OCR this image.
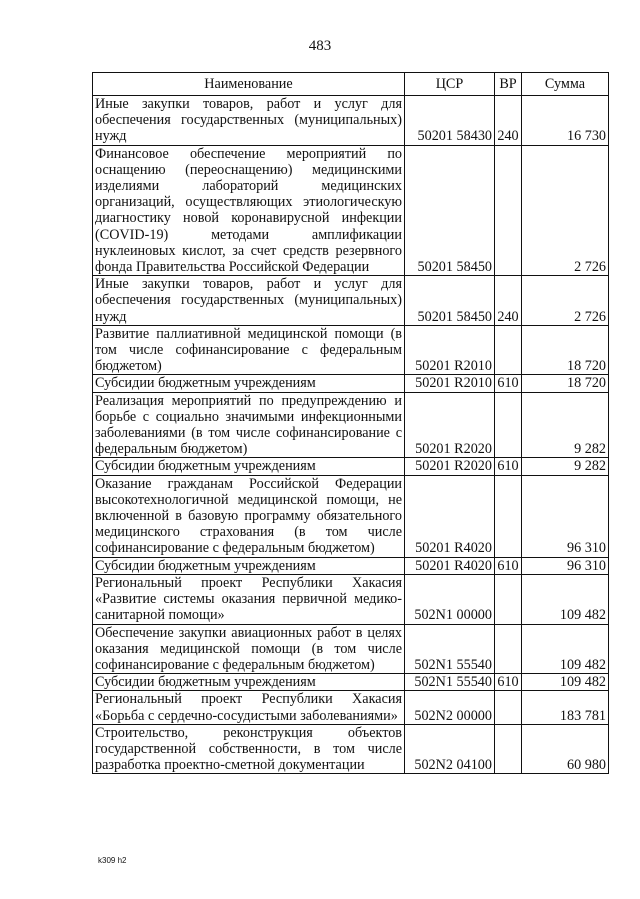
483
Наименование	ЦСР	ВР	Сумма
Иные закупки товаров, работ и услуг для обеспечения государственных (муниципальных) нужд	50201 58430	240	16 730
Финансовое обеспечение мероприятий по оснащению (переоснащению) медицинскими изделиями лабораторий медицинских организаций, осуществляющих этиологическую диагностику новой коронавирусной инфекции (COVID-19) методами амплификации нуклеиновых кислот, за счет средств резервного фонда Правительства Российской Федерации	50201 58450		2 726
Иные закупки товаров, работ и услуг для обеспечения государственных (муниципальных) нужд	50201 58450	240	2 726
Развитие паллиативной медицинской помощи (в том числе софинансирование с федеральным бюджетом)	50201 R2010		18 720
Субсидии бюджетным учреждениям	50201 R2010	610	18 720
Реализация мероприятий по предупреждению и борьбе с социально значимыми инфекционными заболеваниями (в том числе софинансирование с федеральным бюджетом)	50201 R2020		9 282
Субсидии бюджетным учреждениям	50201 R2020	610	9 282
Оказание гражданам Российской Федерации высокотехнологичной медицинской помощи, не включенной в базовую программу обязательного медицинского страхования (в том числе софинансирование с федеральным бюджетом)	50201 R4020		96 310
Субсидии бюджетным учреждениям	50201 R4020	610	96 310
Региональный проект Республики Хакасия «Развитие системы оказания первичной медико-санитарной помощи»	502N1 00000		109 482
Обеспечение закупки авиационных работ в целях оказания медицинской помощи (в том числе софинансирование с федеральным бюджетом)	502N1 55540		109 482
Субсидии бюджетным учреждениям	502N1 55540	610	109 482
Региональный проект Республики Хакасия «Борьба с сердечно-сосудистыми заболеваниями»	502N2 00000		183 781
Строительство, реконструкция объектов государственной собственности, в том числе разработка проектно-сметной документации	502N2 04100		60 980
k309 h2
